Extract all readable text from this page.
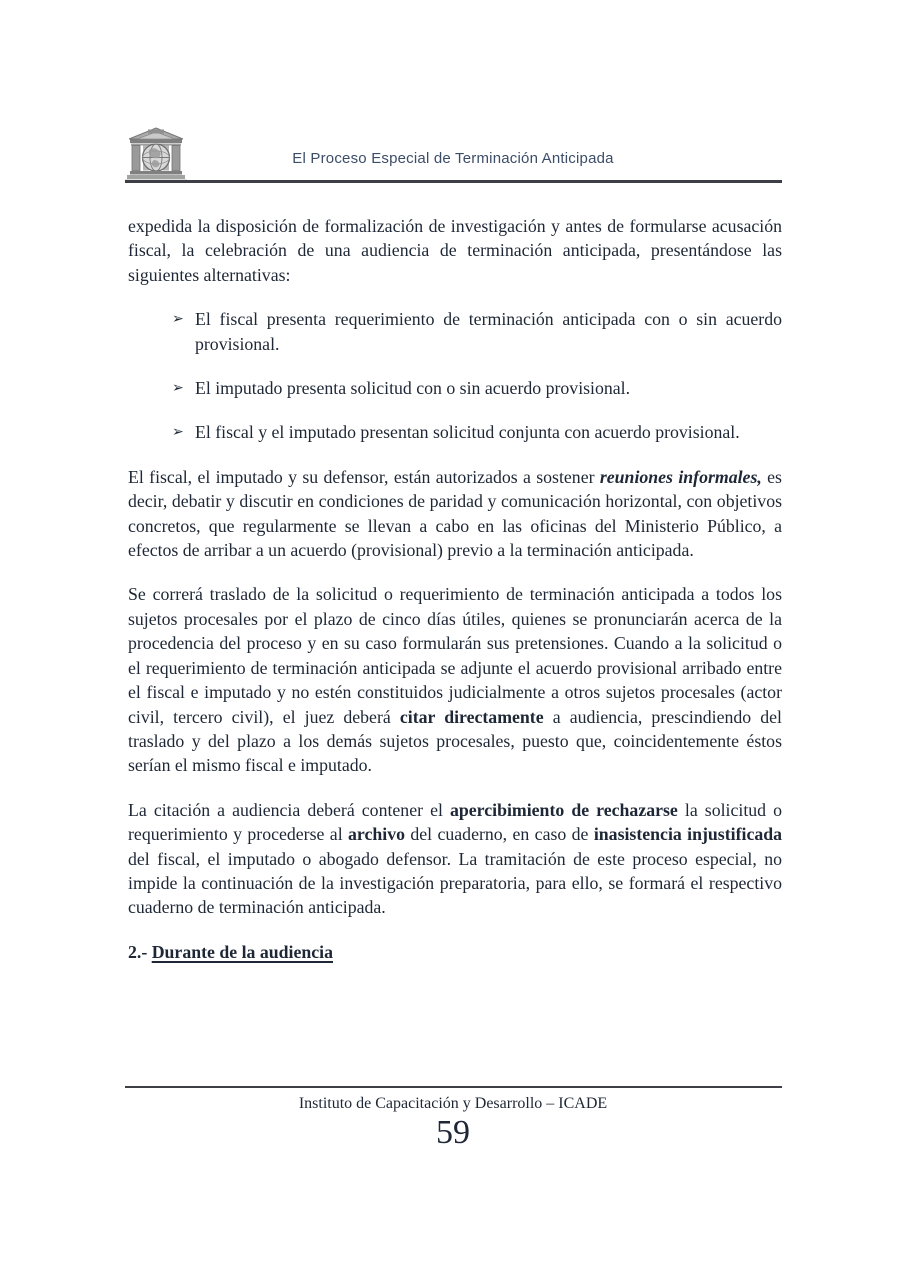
El Proceso Especial de Terminación Anticipada

expedida la disposición de formalización de investigación y antes de formularse acusación fiscal, la celebración de una audiencia de terminación anticipada, presentándose las siguientes alternativas:

➢ El fiscal presenta requerimiento de terminación anticipada con o sin acuerdo provisional.
➢ El imputado presenta solicitud con o sin acuerdo provisional.
➢ El fiscal y el imputado presentan solicitud conjunta con acuerdo provisional.

El fiscal, el imputado y su defensor, están autorizados a sostener reuniones informales, es decir, debatir y discutir en condiciones de paridad y comunicación horizontal, con objetivos concretos, que regularmente se llevan a cabo en las oficinas del Ministerio Público, a efectos de arribar a un acuerdo (provisional) previo a la terminación anticipada.

Se correrá traslado de la solicitud o requerimiento de terminación anticipada a todos los sujetos procesales por el plazo de cinco días útiles, quienes se pronunciarán acerca de la procedencia del proceso y en su caso formularán sus pretensiones. Cuando a la solicitud o el requerimiento de terminación anticipada se adjunte el acuerdo provisional arribado entre el fiscal e imputado y no estén constituidos judicialmente a otros sujetos procesales (actor civil, tercero civil), el juez deberá citar directamente a audiencia, prescindiendo del traslado y del plazo a los demás sujetos procesales, puesto que, coincidentemente éstos serían el mismo fiscal e imputado.

La citación a audiencia deberá contener el apercibimiento de rechazarse la solicitud o requerimiento y procederse al archivo del cuaderno, en caso de inasistencia injustificada del fiscal, el imputado o abogado defensor. La tramitación de este proceso especial, no impide la continuación de la investigación preparatoria, para ello, se formará el respectivo cuaderno de terminación anticipada.

2.- Durante de la audiencia

Instituto de Capacitación y Desarrollo – ICADE
59
